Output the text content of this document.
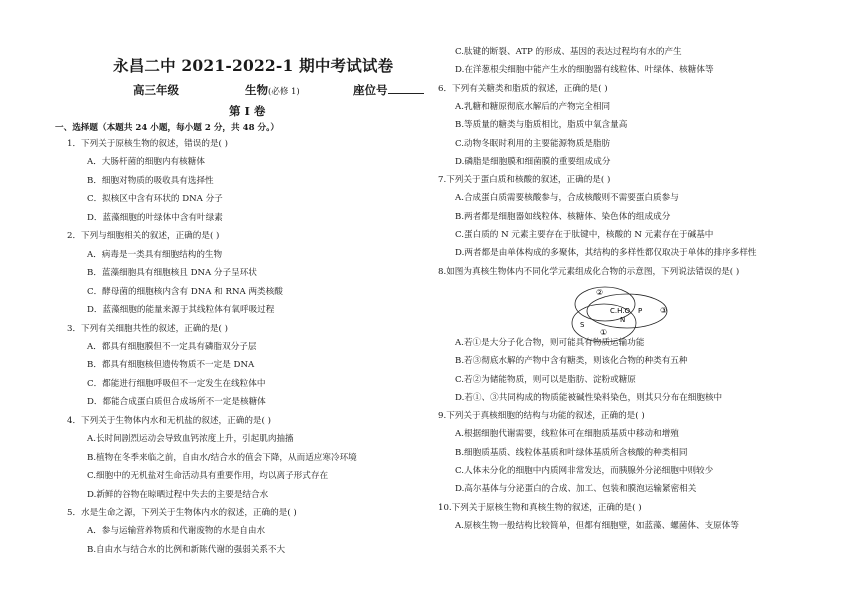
永昌二中 2021-2022-1 期中考试试卷
高三年级	生物(必修 1)	座位号
第 I 卷
一、选择题（本题共 24 小题，每小题 2 分，共 48 分。）
1．下列关于原核生物的叙述，错误的是( )
A．大肠杆菌的细胞内有核糖体
B．细胞对物质的吸收具有选择性
C．拟核区中含有环状的 DNA 分子
D．蓝藻细胞的叶绿体中含有叶绿素
2．下列与细胞相关的叙述，正确的是( )
A．病毒是一类具有细胞结构的生物
B．蓝藻细胞具有细胞核且 DNA 分子呈环状
C．酵母菌的细胞核内含有 DNA 和 RNA 两类核酸
D．蓝藻细胞的能量来源于其线粒体有氧呼吸过程
3．下列有关细胞共性的叙述，正确的是( )
A．都具有细胞膜但不一定具有磷脂双分子层
B．都具有细胞核但遗传物质不一定是 DNA
C．都能进行细胞呼吸但不一定发生在线粒体中
D．都能合成蛋白质但合成场所不一定是核糖体
4．下列关于生物体内水和无机盐的叙述，正确的是( )
A.长时间剧烈运动会导致血钙浓度上升，引起肌肉抽搐
B.植物在冬季来临之前，自由水/结合水的值会下降，从而适应寒冷环境
C.细胞中的无机盐对生命活动具有重要作用，均以离子形式存在
D.新鲜的谷物在晾晒过程中失去的主要是结合水
5．水是生命之源，下列关于生物体内水的叙述，正确的是( )
A．参与运输营养物质和代谢废物的水是自由水
B.自由水与结合水的比例和新陈代谢的强弱关系不大
C.肽键的断裂、ATP 的形成、基因的表达过程均有水的产生
D.在洋葱根尖细胞中能产生水的细胞器有线粒体、叶绿体、核糖体等
6．下列有关糖类和脂质的叙述，正确的是( )
A.乳糖和糖原彻底水解后的产物完全相同
B.等质量的糖类与脂质相比，脂质中氧含量高
C.动物冬眠时利用的主要能源物质是脂肪
D.磷脂是细胞膜和细菌膜的重要组成成分
7.下列关于蛋白质和核酸的叙述，正确的是( )
A.合成蛋白质需要核酸参与，合成核酸则不需要蛋白质参与
B.两者都是细胞器如线粒体、核糖体、染色体的组成成分
C.蛋白质的 N 元素主要存在于肽键中，核酸的 N 元素存在于碱基中
D.两者都是由单体构成的多聚体，其结构的多样性都仅取决于单体的排序多样性
8.如图为真核生物体内不同化学元素组成化合物的示意图，下列说法错误的是( )
A.若①是大分子化合物，则可能具有物质运输功能
B.若③彻底水解的产物中含有糖类，则该化合物的种类有五种
C.若②为储能物质，则可以是脂肪、淀粉或糖原
D.若①、③共同构成的物质能被碱性染料染色，则其只分布在细胞核中
9.下列关于真核细胞的结构与功能的叙述，正确的是( )
A.根据细胞代谢需要，线粒体可在细胞质基质中移动和增殖
B.细胞质基质、线粒体基质和叶绿体基质所含核酸的种类相同
C.人体未分化的细胞中内质网非常发达，而胰腺外分泌细胞中则较少
D.高尔基体与分泌蛋白的合成、加工、包装和膜泡运输紧密相关
10.下列关于原核生物和真核生物的叙述，正确的是( )
A.原核生物一般结构比较简单，但都有细胞壁，如蓝藻、螺菌体、支原体等
②
C.H.O
N
P ③
S
①
